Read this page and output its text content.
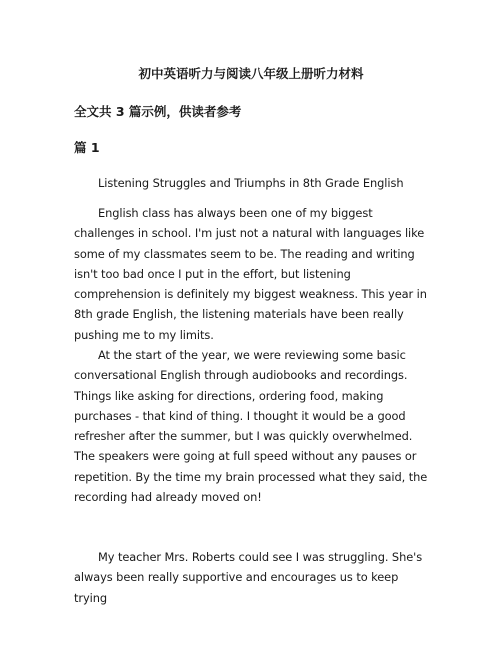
初中英语听力与阅读八年级上册听力材料
全文共 3 篇示例，供读者参考
篇 1

Listening Struggles and Triumphs in 8th Grade English

English class has always been one of my biggest challenges in school. I'm just not a natural with languages like some of my classmates seem to be. The reading and writing isn't too bad once I put in the effort, but listening comprehension is definitely my biggest weakness. This year in 8th grade English, the listening materials have been really pushing me to my limits.

At the start of the year, we were reviewing some basic conversational English through audiobooks and recordings. Things like asking for directions, ordering food, making purchases - that kind of thing. I thought it would be a good refresher after the summer, but I was quickly overwhelmed. The speakers were going at full speed without any pauses or repetition. By the time my brain processed what they said, the recording had already moved on!

My teacher Mrs. Roberts could see I was struggling. She's always been really supportive and encourages us to keep trying
